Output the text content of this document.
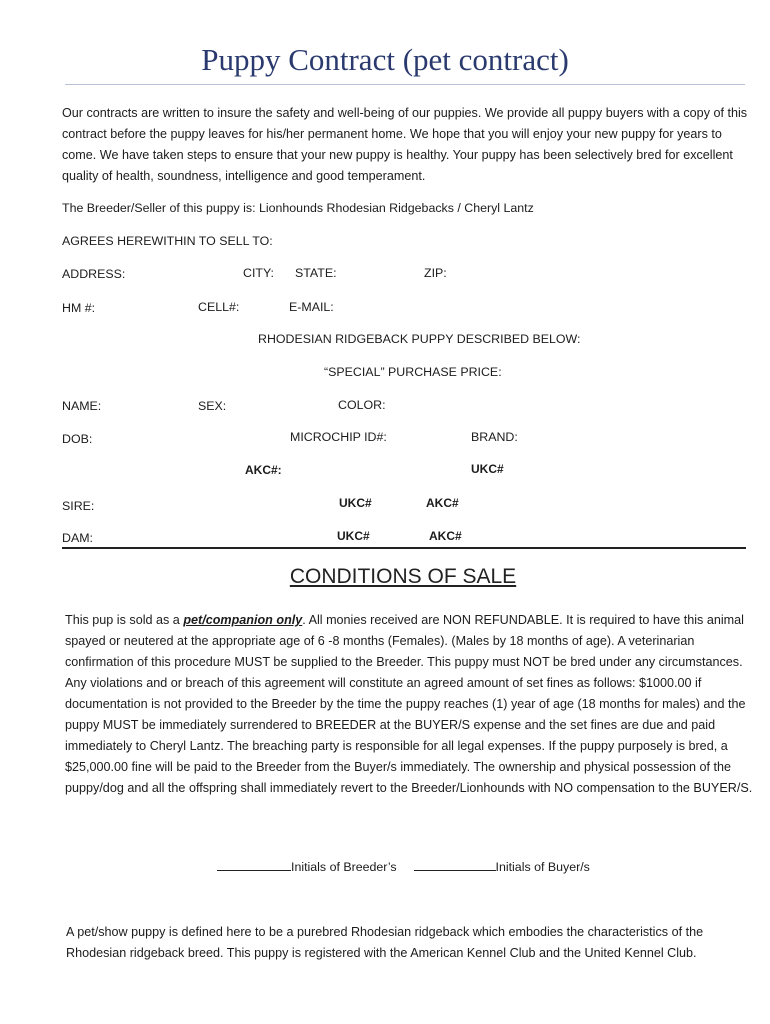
Puppy Contract (pet contract)
Our contracts are written to insure the safety and well-being of our puppies. We provide all puppy buyers with a copy of this contract before the puppy leaves for his/her permanent home. We hope that you will enjoy your new puppy for years to come. We have taken steps to ensure that your new puppy is healthy. Your puppy has been selectively bred for excellent quality of health, soundness, intelligence and good temperament.
The Breeder/Seller of this puppy is: Lionhounds Rhodesian Ridgebacks / Cheryl Lantz
AGREES HEREWITHIN TO SELL TO:
ADDRESS:	CITY: STATE:	ZIP:
HM #:	CELL#:	E-MAIL:
RHODESIAN RIDGEBACK PUPPY DESCRIBED BELOW:
“SPECIAL” PURCHASE PRICE:
NAME:	SEX:	COLOR:
DOB:	MICROCHIP ID#:	BRAND:
AKC#:	UKC#
SIRE:	UKC#	AKC#
DAM:	UKC#	AKC#
CONDITIONS OF SALE
This pup is sold as a pet/companion only. All monies received are NON REFUNDABLE. It is required to have this animal spayed or neutered at the appropriate age of 6 -8 months (Females). (Males by 18 months of age). A veterinarian confirmation of this procedure MUST be supplied to the Breeder. This puppy must NOT be bred under any circumstances. Any violations and or breach of this agreement will constitute an agreed amount of set fines as follows: $1000.00 if documentation is not provided to the Breeder by the time the puppy reaches (1) year of age (18 months for males) and the puppy MUST be immediately surrendered to BREEDER at the BUYER/S expense and the set fines are due and paid immediately to Cheryl Lantz. The breaching party is responsible for all legal expenses. If the puppy purposely is bred, a $25,000.00 fine will be paid to the Breeder from the Buyer/s immediately. The ownership and physical possession of the puppy/dog and all the offspring shall immediately revert to the Breeder/Lionhounds with NO compensation to the BUYER/S.
Initials of Breeder’s	Initials of Buyer/s
A pet/show puppy is defined here to be a purebred Rhodesian ridgeback which embodies the characteristics of the Rhodesian ridgeback breed. This puppy is registered with the American Kennel Club and the United Kennel Club.
